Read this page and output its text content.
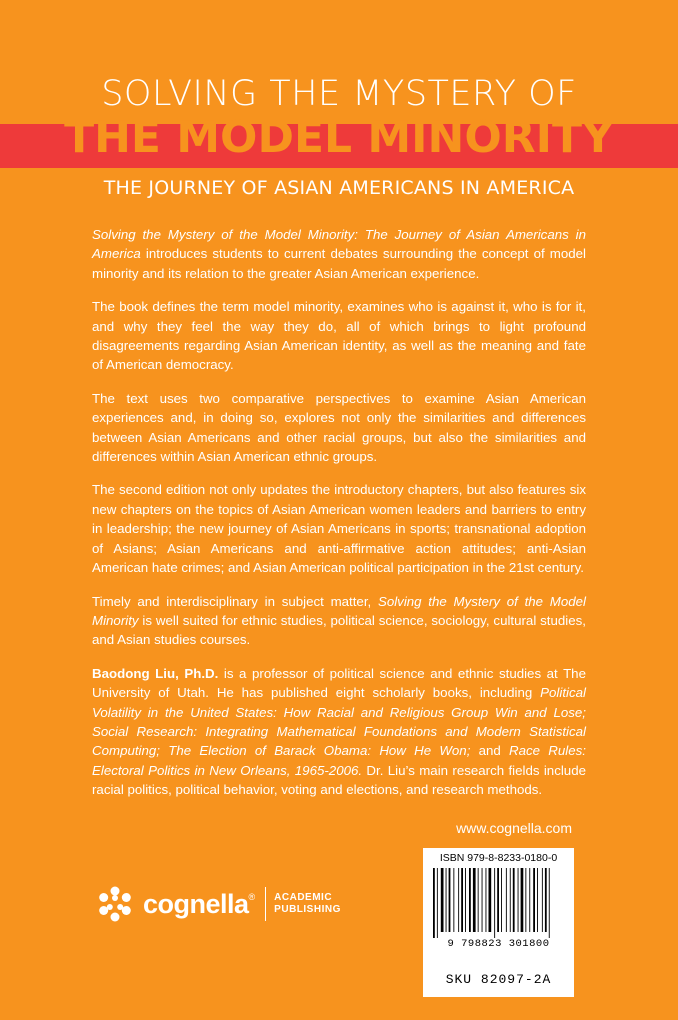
SOLVING THE MYSTERY OF
THE MODEL MINORITY
THE JOURNEY OF ASIAN AMERICANS IN AMERICA

Solving the Mystery of the Model Minority: The Journey of Asian Americans in America introduces students to current debates surrounding the concept of model minority and its relation to the greater Asian American experience.

The book defines the term model minority, examines who is against it, who is for it, and why they feel the way they do, all of which brings to light profound disagreements regarding Asian American identity, as well as the meaning and fate of American democracy.

The text uses two comparative perspectives to examine Asian American experiences and, in doing so, explores not only the similarities and differences between Asian Americans and other racial groups, but also the similarities and differences within Asian American ethnic groups.

The second edition not only updates the introductory chapters, but also features six new chapters on the topics of Asian American women leaders and barriers to entry in leadership; the new journey of Asian Americans in sports; transnational adoption of Asians; Asian Americans and anti-affirmative action attitudes; anti-Asian American hate crimes; and Asian American political participation in the 21st century.

Timely and interdisciplinary in subject matter, Solving the Mystery of the Model Minority is well suited for ethnic studies, political science, sociology, cultural studies, and Asian studies courses.

Baodong Liu, Ph.D. is a professor of political science and ethnic studies at The University of Utah. He has published eight scholarly books, including Political Volatility in the United States: How Racial and Religious Group Win and Lose; Social Research: Integrating Mathematical Foundations and Modern Statistical Computing; The Election of Barack Obama: How He Won; and Race Rules: Electoral Politics in New Orleans, 1965-2006. Dr. Liu’s main research fields include racial politics, political behavior, voting and elections, and research methods.

www.cognella.com
cognella ® ACADEMIC
PUBLISHING
ISBN 979-8-8233-0180-0
9 798823 301800
SKU 82097-2A
